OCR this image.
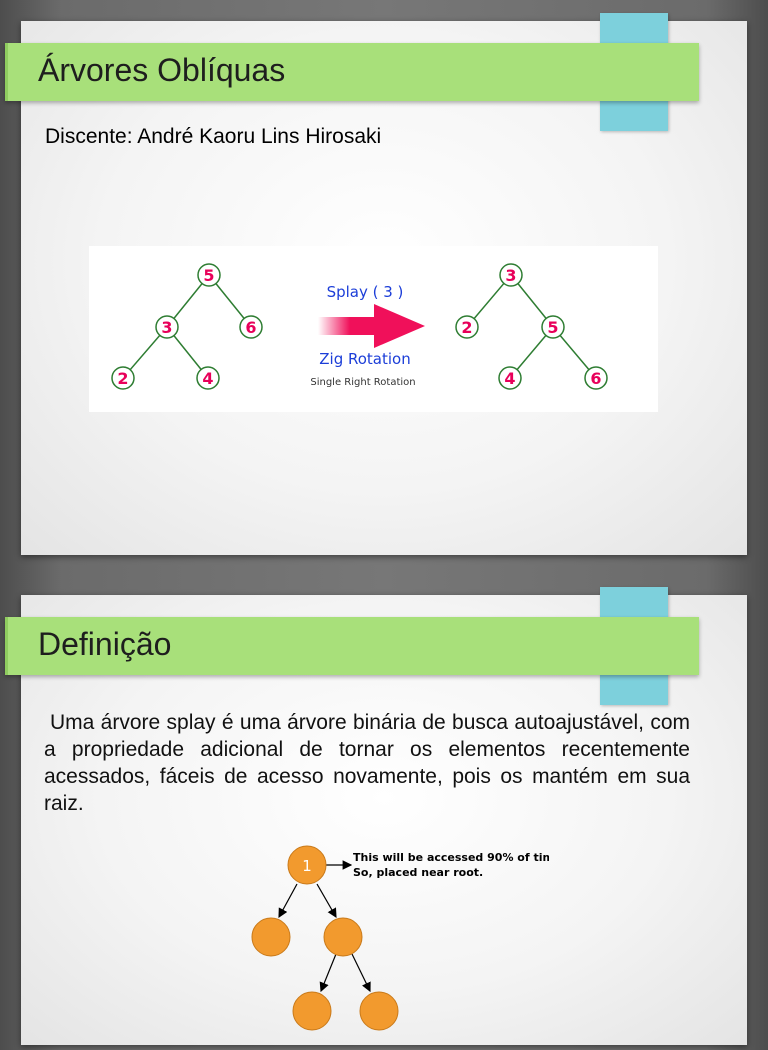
Árvores Oblíquas
Discente: André Kaoru Lins Hirosaki
5
3	6
2	4
3
2	5
4	6
Splay ( 3 )
Zig Rotation
Single Right Rotation
Definição
Uma árvore splay é uma árvore binária de busca autoajustável, com a propriedade adicional de tornar os elementos recentemente acessados, fáceis de acesso novamente, pois os mantém em sua raiz.
1	This will be accessed 90% of time.
So, placed near root.
